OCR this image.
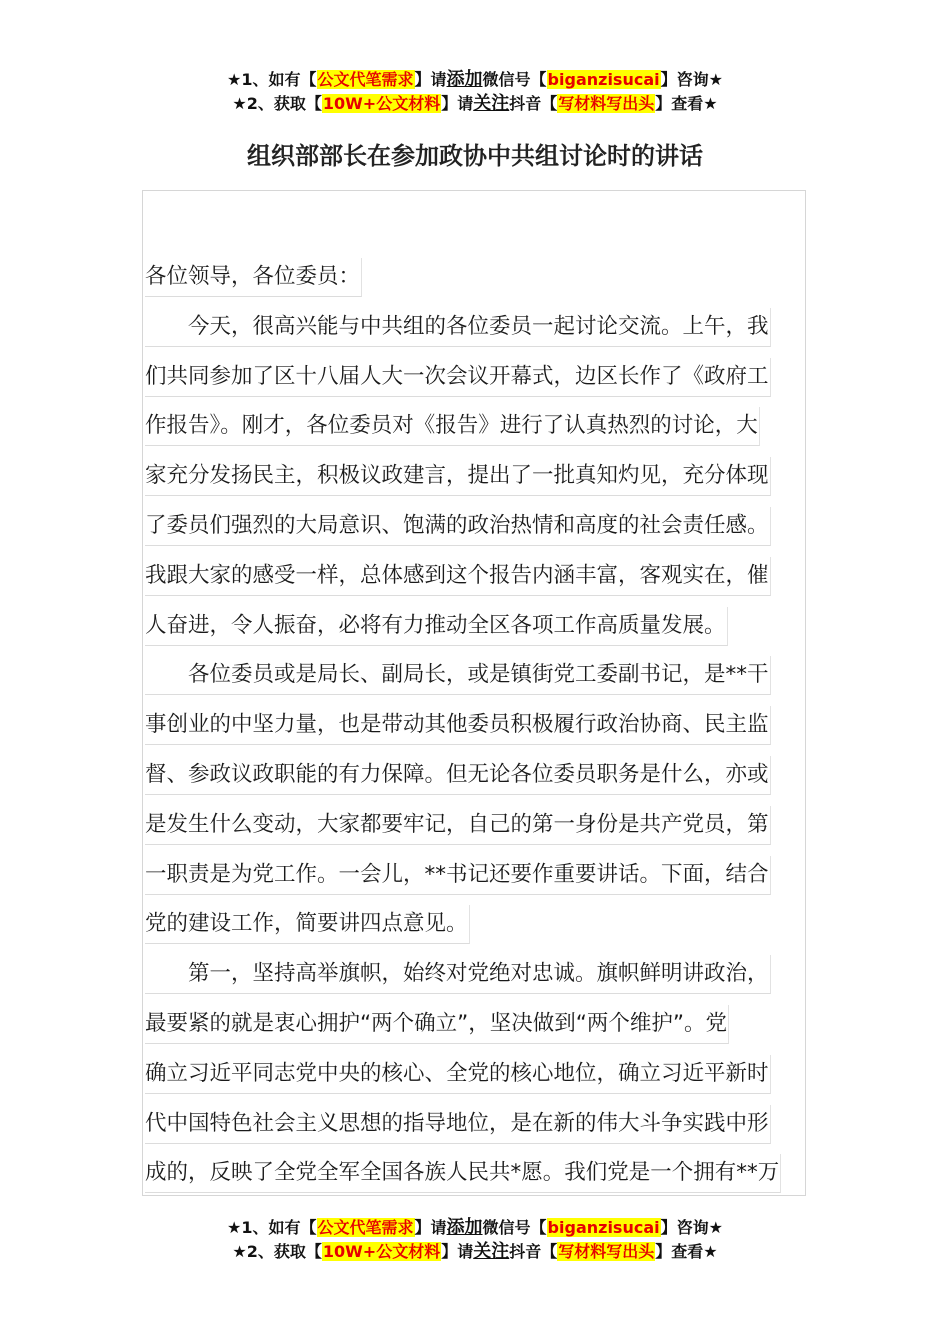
★1、如有【公文代笔需求】请添加微信号【biganzisucai】咨询★
★2、获取【10W+公文材料】请关注抖音【写材料写出头】查看★
组织部部长在参加政协中共组讨论时的讲话
各位领导，各位委员：
　　今天，很高兴能与中共组的各位委员一起讨论交流。上午，我
们共同参加了区十八届人大一次会议开幕式，边区长作了《政府工
作报告》。刚才，各位委员对《报告》进行了认真热烈的讨论，大
家充分发扬民主，积极议政建言，提出了一批真知灼见，充分体现
了委员们强烈的大局意识、饱满的政治热情和高度的社会责任感。
我跟大家的感受一样，总体感到这个报告内涵丰富，客观实在，催
人奋进，令人振奋，必将有力推动全区各项工作高质量发展。
　　各位委员或是局长、副局长，或是镇街党工委副书记，是**干
事创业的中坚力量，也是带动其他委员积极履行政治协商、民主监
督、参政议政职能的有力保障。但无论各位委员职务是什么，亦或
是发生什么变动，大家都要牢记，自己的第一身份是共产党员，第
一职责是为党工作。一会儿，**书记还要作重要讲话。下面，结合
党的建设工作，简要讲四点意见。
　　第一，坚持高举旗帜，始终对党绝对忠诚。旗帜鲜明讲政治，
最要紧的就是衷心拥护“两个确立”，坚决做到“两个维护”。党
确立习近平同志党中央的核心、全党的核心地位，确立习近平新时
代中国特色社会主义思想的指导地位，是在新的伟大斗争实践中形
成的，反映了全党全军全国各族人民共*愿。我们党是一个拥有**万
★1、如有【公文代笔需求】请添加微信号【biganzisucai】咨询★
★2、获取【10W+公文材料】请关注抖音【写材料写出头】查看★
